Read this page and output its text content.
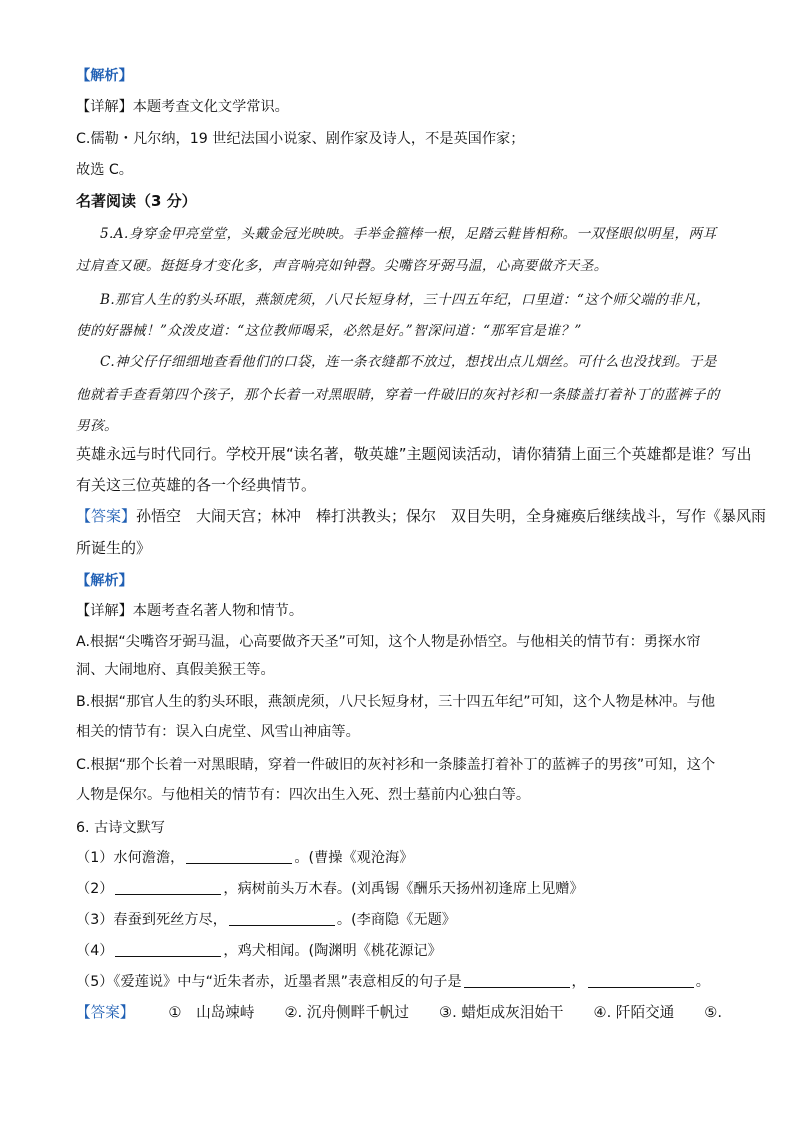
【解析】
【详解】本题考查文化文学常识。
C.儒勒・凡尔纳，19 世纪法国小说家、剧作家及诗人，不是英国作家；
故选 C。
名著阅读（3 分）
5.A.身穿金甲亮堂堂，头戴金冠光映映。手举金箍棒一根，足踏云鞋皆相称。一双怪眼似明星，两耳
过肩查又硬。挺挺身才变化多，声音响亮如钟磬。尖嘴咨牙弼马温，心高要做齐天圣。
B.那官人生的豹头环眼，燕颔虎须，八尺长短身材，三十四五年纪，口里道：“这个师父端的非凡，
使的好器械！”众泼皮道：“这位教师喝采，必然是好。”智深问道：“那军官是谁？”
C.神父仔仔细细地查看他们的口袋，连一条衣缝都不放过，想找出点儿烟丝。可什么也没找到。于是
他就着手查看第四个孩子，那个长着一对黑眼睛，穿着一件破旧的灰衬衫和一条膝盖打着补丁的蓝裤子的
男孩。
英雄永远与时代同行。学校开展“读名著，敬英雄”主题阅读活动，请你猜猜上面三个英雄都是谁？写出
有关这三位英雄的各一个经典情节。
【答案】孙悟空　大闹天宫；林冲　棒打洪教头；保尔　双目失明，全身瘫痪后继续战斗，写作《暴风雨
所诞生的》
【解析】
【详解】本题考查名著人物和情节。
A.根据“尖嘴咨牙弼马温，心高要做齐天圣”可知，这个人物是孙悟空。与他相关的情节有：勇探水帘
洞、大闹地府、真假美猴王等。
B.根据“那官人生的豹头环眼，燕颔虎须，八尺长短身材，三十四五年纪”可知，这个人物是林冲。与他
相关的情节有：误入白虎堂、风雪山神庙等。
C.根据“那个长着一对黑眼睛，穿着一件破旧的灰衬衫和一条膝盖打着补丁的蓝裤子的男孩”可知，这个
人物是保尔。与他相关的情节有：四次出生入死、烈士墓前内心独白等。
6. 古诗文默写
（1）水何澹澹，	。(曹操《观沧海》
（2）	，病树前头万木春。(刘禹锡《酬乐天扬州初逢席上见赠》
（3）春蚕到死丝方尽，	。(李商隐《无题》
（4）	，鸡犬相闻。(陶渊明《桃花源记》
（5）《爱莲说》中与“近朱者赤，近墨者黑”表意相反的句子是	，	。
【答案】 ①　山岛竦峙 ②. 沉舟侧畔千帆过 ③. 蜡炬成灰泪始干 ④. 阡陌交通 ⑤.
